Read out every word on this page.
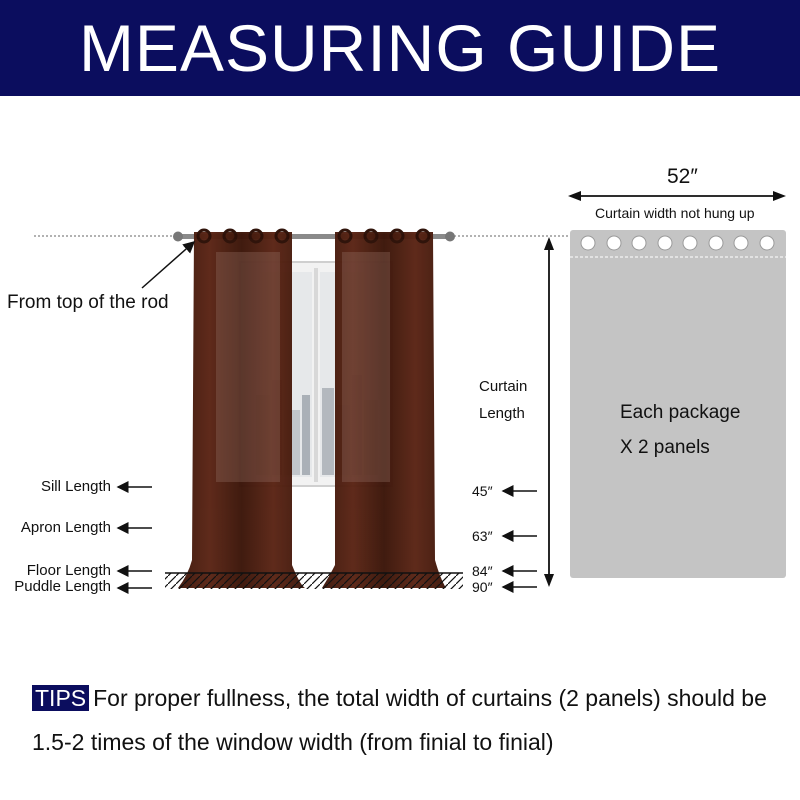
MEASURING GUIDE
From top of the rod
Curtain
Length
Sill Length
Apron Length
Floor Length
Puddle Length
45″
63″
84″
90″
52″
Curtain width not hung up
Each package
X 2 panels
TIPS For proper fullness, the total width of curtains (2 panels) should be 1.5-2 times of the window width (from finial to finial)
